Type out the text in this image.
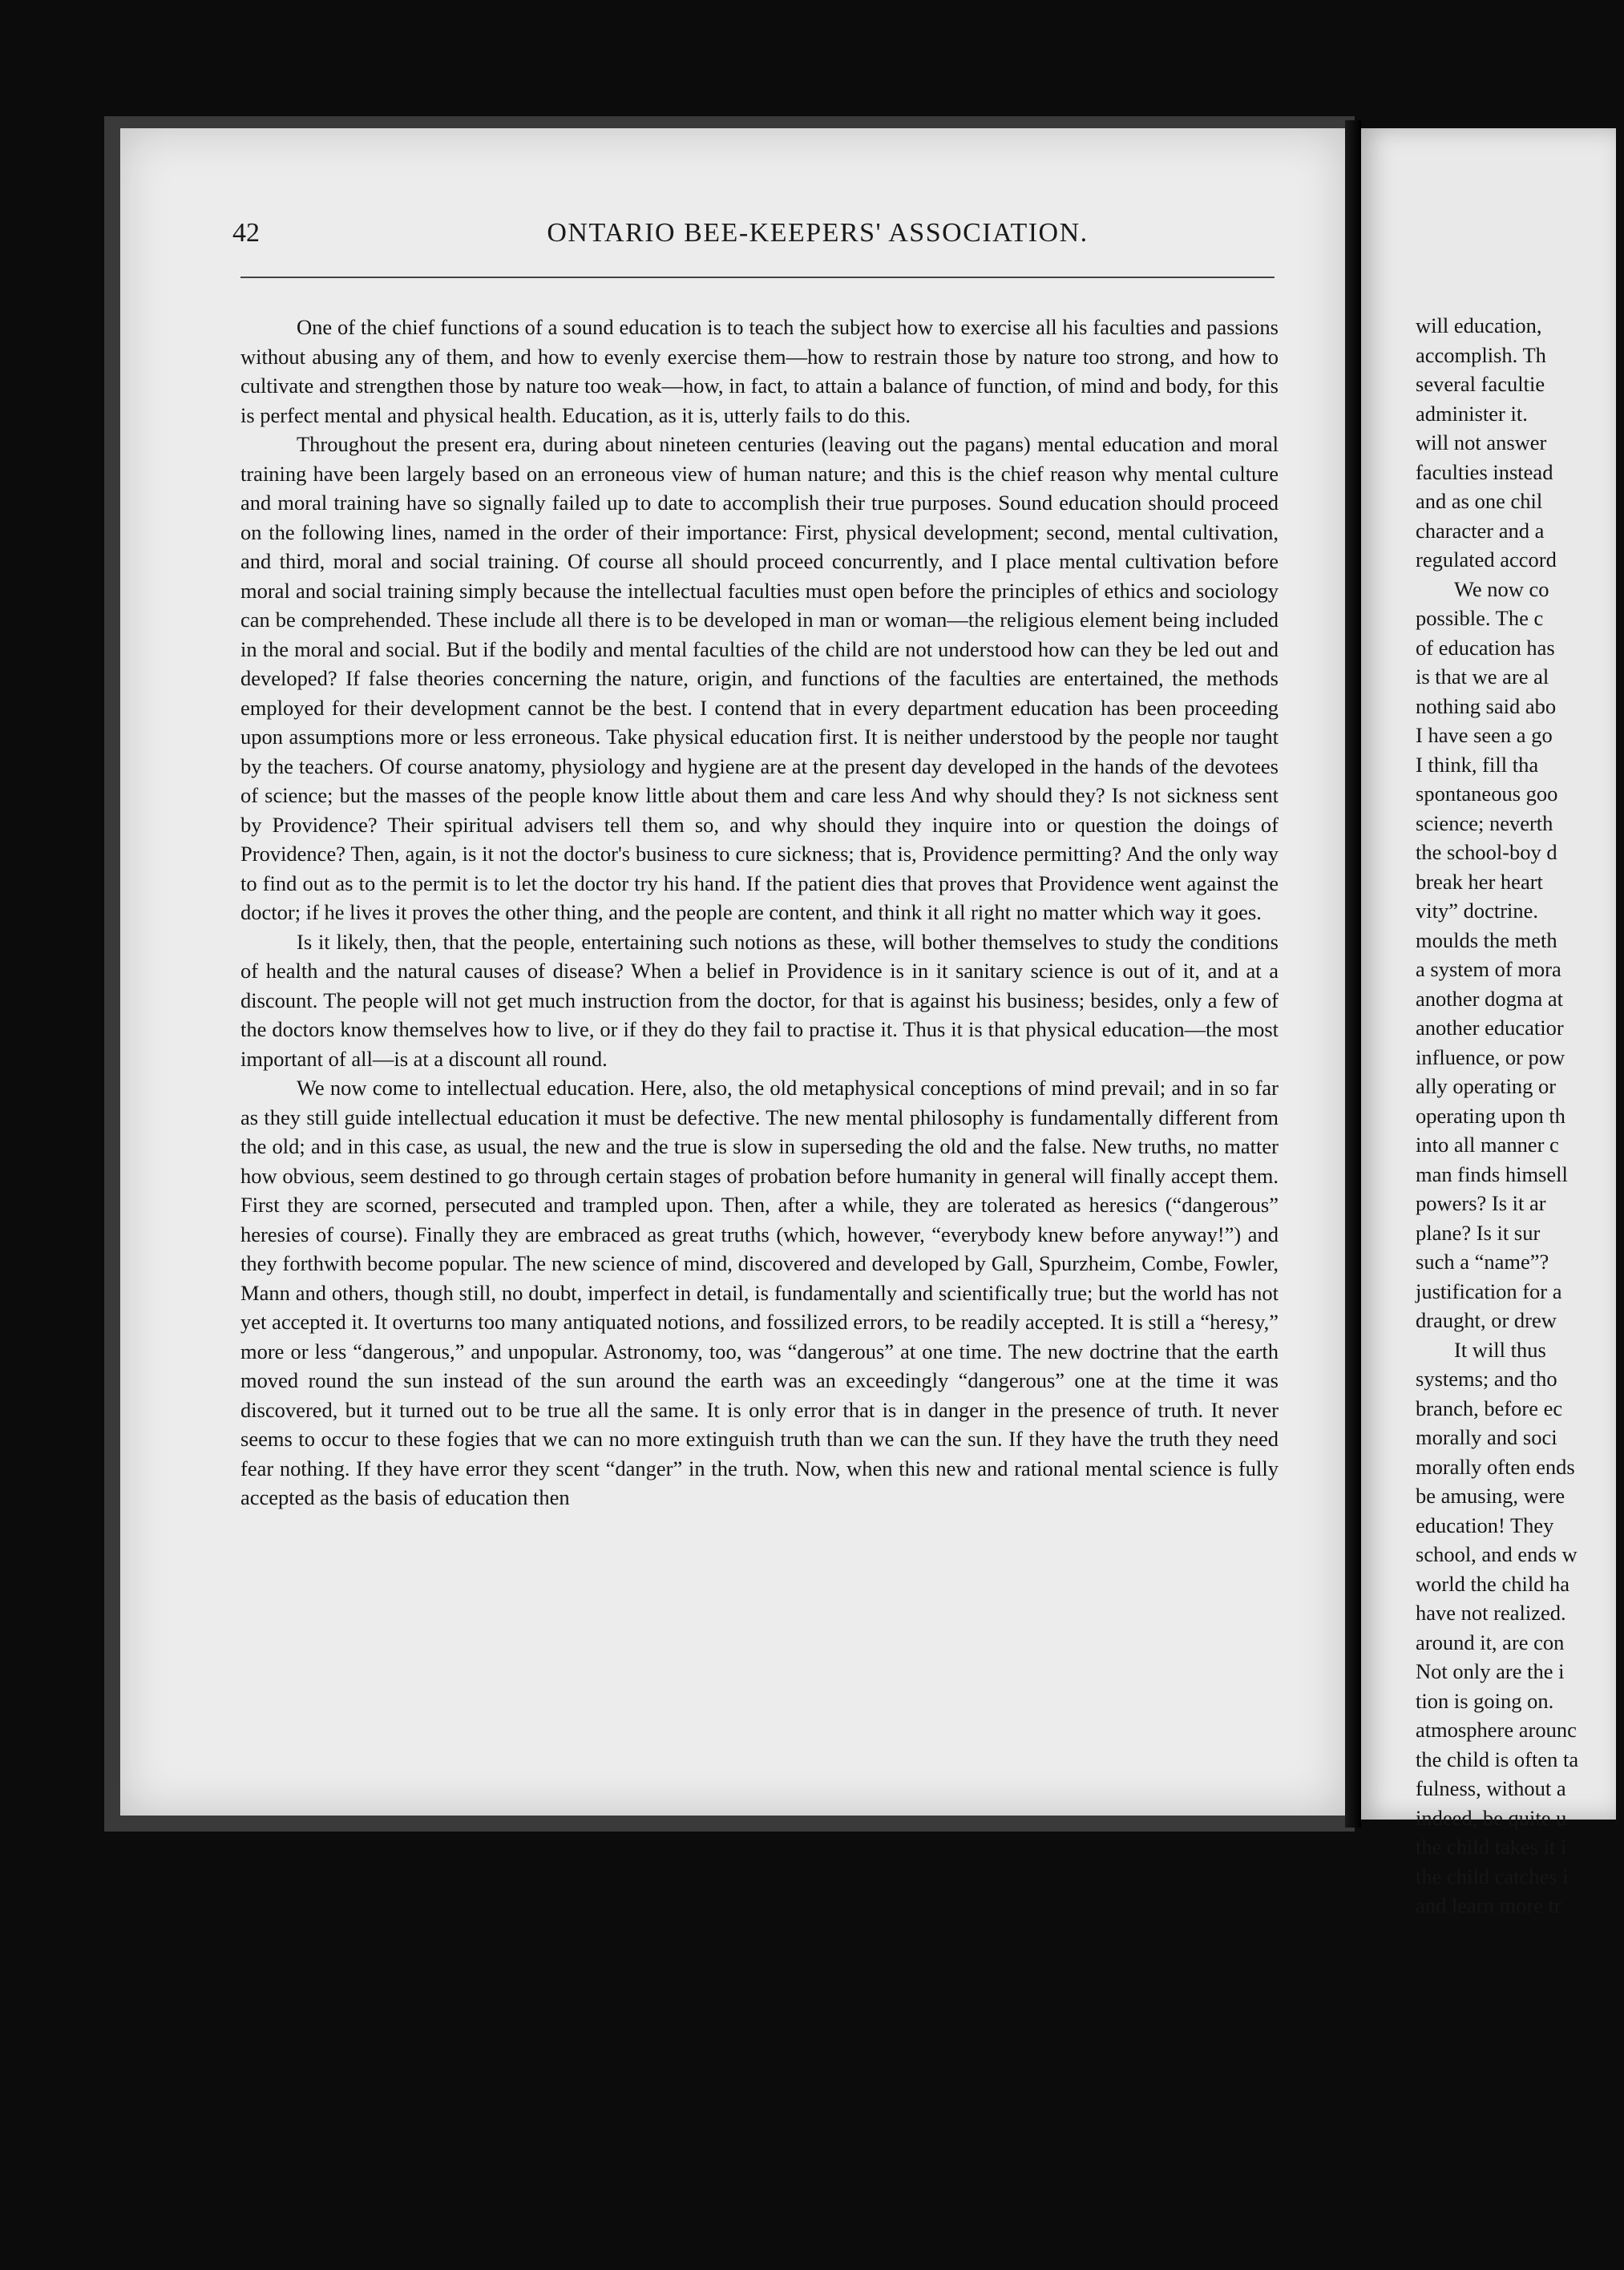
ONTARIO BEE-KEEPERS' ASSOCIATION.
42

One of the chief functions of a sound education is to teach the subject how to exercise all his faculties and passions without abusing any of them, and how to evenly exercise them—how to restrain those by nature too strong, and how to cultivate and strengthen those by nature too weak—how, in fact, to attain a balance of function, of mind and body, for this is perfect mental and physical health. Education, as it is, utterly fails to do this.

Throughout the present era, during about nineteen centuries (leaving out the pagans) mental education and moral training have been largely based on an erroneous view of human nature; and this is the chief reason why mental culture and moral training have so signally failed up to date to accomplish their true purposes. Sound education should proceed on the following lines, named in the order of their importance: First, physical development; second, mental cultivation, and third, moral and social training. Of course all should proceed concurrently, and I place mental cultivation before moral and social training simply because the intellectual faculties must open before the principles of ethics and sociology can be comprehended. These include all there is to be developed in man or woman—the religious element being included in the moral and social. But if the bodily and mental faculties of the child are not understood how can they be led out and developed? If false theories concerning the nature, origin, and functions of the faculties are entertained, the methods employed for their development cannot be the best. I contend that in every department education has been proceeding upon assumptions more or less erroneous. Take physical education first. It is neither understood by the people nor taught by the teachers. Of course anatomy, physiology and hygiene are at the present day developed in the hands of the devotees of science; but the masses of the people know little about them and care less And why should they? Is not sickness sent by Providence? Their spiritual advisers tell them so, and why should they inquire into or question the doings of Providence? Then, again, is it not the doctor's business to cure sickness; that is, Providence permitting? And the only way to find out as to the permit is to let the doctor try his hand. If the patient dies that proves that Providence went against the doctor; if he lives it proves the other thing, and the people are content, and think it all right no matter which way it goes.

Is it likely, then, that the people, entertaining such notions as these, will bother themselves to study the conditions of health and the natural causes of disease? When a belief in Providence is in it sanitary science is out of it, and at a discount. The people will not get much instruction from the doctor, for that is against his business; besides, only a few of the doctors know themselves how to live, or if they do they fail to practise it. Thus it is that physical education—the most important of all—is at a discount all round.

We now come to intellectual education. Here, also, the old metaphysical conceptions of mind prevail; and in so far as they still guide intellectual education it must be defective. The new mental philosophy is fundamentally different from the old; and in this case, as usual, the new and the true is slow in superseding the old and the false. New truths, no matter how obvious, seem destined to go through certain stages of probation before humanity in general will finally accept them. First they are scorned, persecuted and trampled upon. Then, after a while, they are tolerated as heresics (“dangerous” heresies of course). Finally they are embraced as great truths (which, however, “everybody knew before anyway!”) and they forthwith become popular. The new science of mind, discovered and developed by Gall, Spurzheim, Combe, Fowler, Mann and others, though still, no doubt, imperfect in detail, is fundamentally and scientifically true; but the world has not yet accepted it. It overturns too many antiquated notions, and fossilized errors, to be readily accepted. It is still a “heresy,” more or less “dangerous,” and unpopular. Astronomy, too, was “dangerous” at one time. The new doctrine that the earth moved round the sun instead of the sun around the earth was an exceedingly “dangerous” one at the time it was discovered, but it turned out to be true all the same. It is only error that is in danger in the presence of truth. It never seems to occur to these fogies that we can no more extinguish truth than we can the sun. If they have the truth they need fear nothing. If they have error they scent “danger” in the truth. Now, when this new and rational mental science is fully accepted as the basis of education then

will education,

accomplish. Th

several facultie

administer it.

will not answer

faculties instead

and as one chil

character and a

regulated accord

We now co

possible. The c

of education has

is that we are al

nothing said abo

I have seen a go

I think, fill tha

spontaneous goo

science; neverth

the school-boy d

break her heart

vity” doctrine.

moulds the meth

a system of mora

another dogma at

another educatior

influence, or pow

ally operating or

operating upon th

into all manner c

man finds himsell

powers? Is it ar

plane? Is it sur

such a “name”?

justification for a

draught, or drew

It will thus

systems; and tho

branch, before ec

morally and soci

morally often ends

be amusing, were

education! They

school, and ends w

world the child ha

have not realized.

around it, are con

Not only are the i

tion is going on.

atmosphere arounc

the child is often ta

fulness, without a

indeed, be quite u

the child takes it i

the child catches i

and learn more tr
